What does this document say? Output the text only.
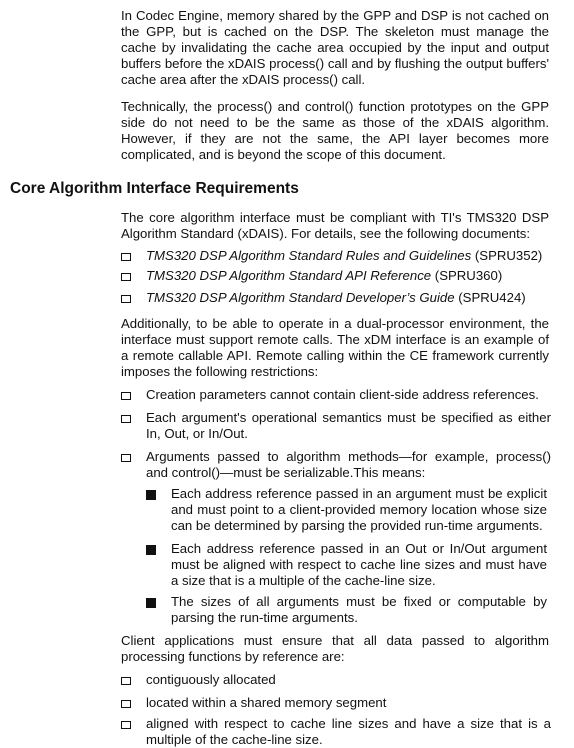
In Codec Engine, memory shared by the GPP and DSP is not cached on the GPP, but is cached on the DSP. The skeleton must manage the cache by invalidating the cache area occupied by the input and output buffers before the xDAIS process() call and by flushing the output buffers' cache area after the xDAIS process() call.

Technically, the process() and control() function prototypes on the GPP side do not need to be the same as those of the xDAIS algorithm. However, if they are not the same, the API layer becomes more complicated, and is beyond the scope of this document.

Core Algorithm Interface Requirements

The core algorithm interface must be compliant with TI's TMS320 DSP Algorithm Standard (xDAIS). For details, see the following documents:

TMS320 DSP Algorithm Standard Rules and Guidelines (SPRU352)
TMS320 DSP Algorithm Standard API Reference (SPRU360)
TMS320 DSP Algorithm Standard Developer’s Guide (SPRU424)

Additionally, to be able to operate in a dual-processor environment, the interface must support remote calls. The xDM interface is an example of a remote callable API. Remote calling within the CE framework currently imposes the following restrictions:

Creation parameters cannot contain client-side address references.
Each argument's operational semantics must be specified as either In, Out, or In/Out.
Arguments passed to algorithm methods—for example, process() and control()—must be serializable.This means:
Each address reference passed in an argument must be explicit and must point to a client-provided memory location whose size can be determined by parsing the provided run-time arguments.
Each address reference passed in an Out or In/Out argument must be aligned with respect to cache line sizes and must have a size that is a multiple of the cache-line size.
The sizes of all arguments must be fixed or computable by parsing the run-time arguments.

Client applications must ensure that all data passed to algorithm processing functions by reference are:

contiguously allocated
located within a shared memory segment
aligned with respect to cache line sizes and have a size that is a multiple of the cache-line size.
